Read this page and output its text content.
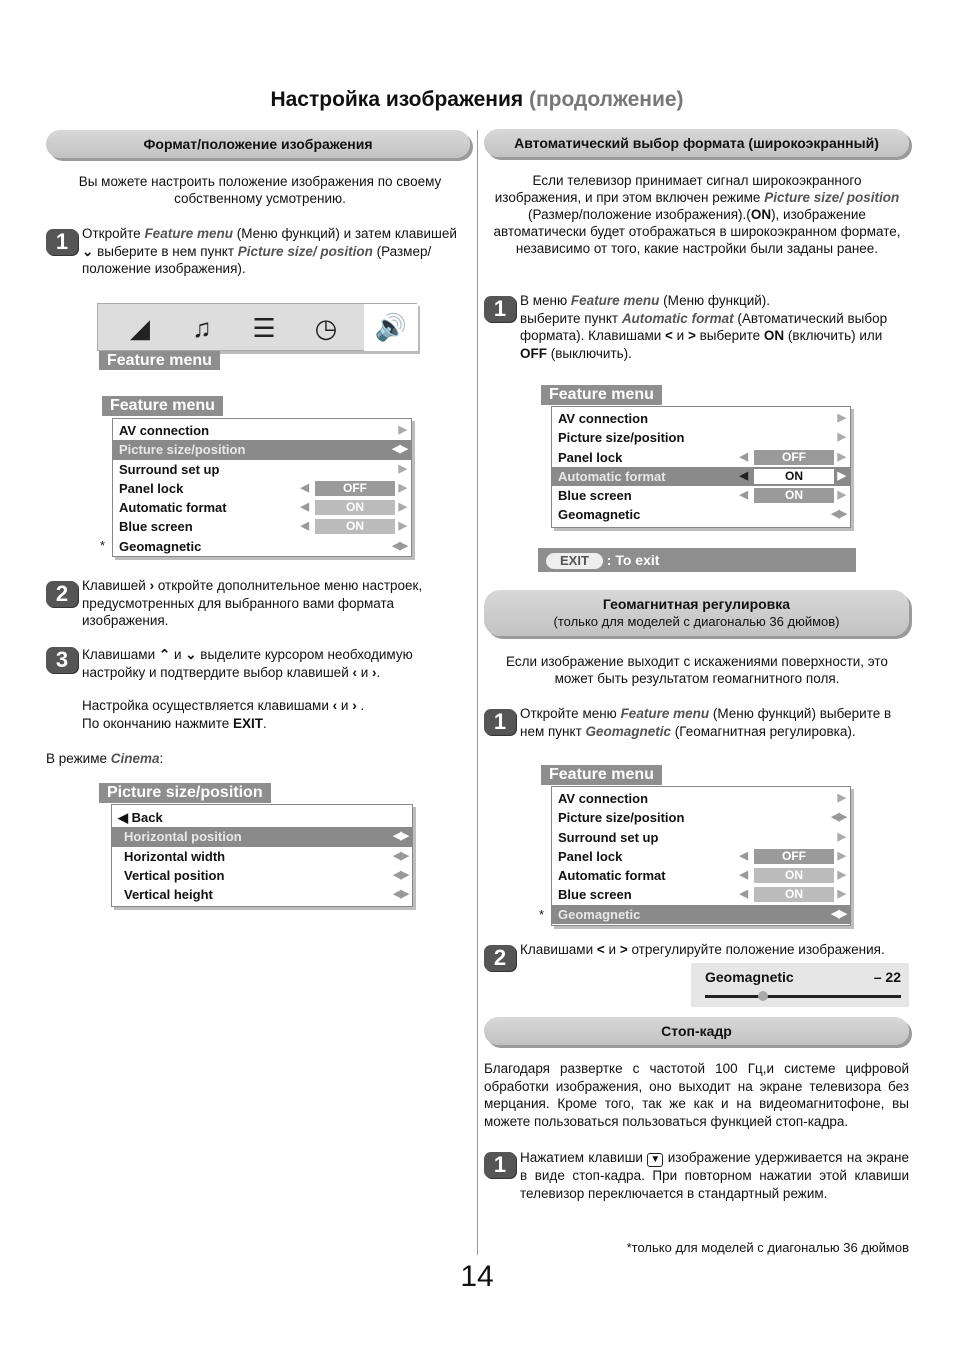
Настройка изображения (продолжение)
Формат/положение изображения
Вы можете настроить положение изображения по своему собственному усмотрению.
1	Откройте Feature menu (Меню функций) и затем клавишей ⌄ выберите в нем пункт Picture size/ position (Размер/положение изображения).
◢	♫	☰	◷	🔊
Feature menu
Feature menu
AV connection	▶
Picture size/position	◀▶
Surround set up	▶
Panel lock	◀	OFF	▶
Automatic format	◀	ON	▶
Blue screen	◀	ON	▶
Geomagnetic	◀▶
*
2	Клавишей › откройте дополнительное меню настроек, предусмотренных для выбранного вами формата изображения.
3	Клавишами ⌃ и ⌄ выделите курсором необходимую настройку и подтвердите выбор клавишей ‹ и ›.
Настройка осуществляется клавишами ‹ и › .
По окончанию нажмите EXIT.
В режиме Cinema:
Picture size/position
◀ Back
Horizontal position	◀▶
Horizontal width	◀▶
Vertical position	◀▶
Vertical height	◀▶
Автоматический выбор формата (широкоэкранный)
Если телевизор принимает сигнал широкоэкранного изображения, и при этом включен режиме Picture size/ position (Размер/положение изображения).(ON), изображение автоматически будет отображаться в широкоэкранном формате, независимо от того, какие настройки были заданы ранее.
1	В меню Feature menu (Меню функций).
выберите пункт Automatic format (Автоматический выбор формата). Клавишами < и > выберите ON (включить) или OFF (выключить).
Feature menu
AV connection	▶
Picture size/position	▶
Panel lock	◀	OFF	▶
Automatic format	◀	ON	▶
Blue screen	◀	ON	▶
Geomagnetic	◀▶
EXIT : To exit
Геомагнитная регулировка
(только для моделей с диагональю 36 дюймов)
Если изображение выходит с искажениями поверхности, это может быть результатом геомагнитного поля.
1	Откройте меню Feature menu (Меню функций) выберите в нем пункт Geomagnetic (Геомагнитная регулировка).
Feature menu
AV connection	▶
Picture size/position	◀▶
Surround set up	▶
Panel lock	◀	OFF	▶
Automatic format	◀	ON	▶
Blue screen	◀	ON	▶
Geomagnetic	◀▶
*
2	Клавишами < и > отрегулируйте положение изображения.
Geomagnetic	– 22
Стоп-кадр
Благодаря развертке с частотой 100 Гц,и системе цифровой обработки изображения, оно выходит на экране телевизора без мерцания. Кроме того, так же как и на видеомагнитофоне, вы можете пользоваться пользоваться функцией стоп-кадра.
1	Нажатием клавиши ▼ изображение удерживается на экране в виде стоп-кадра. При повторном нажатии этой клавиши телевизор переключается в стандартный режим.
*только для моделей с диагональю 36 дюймов
14
